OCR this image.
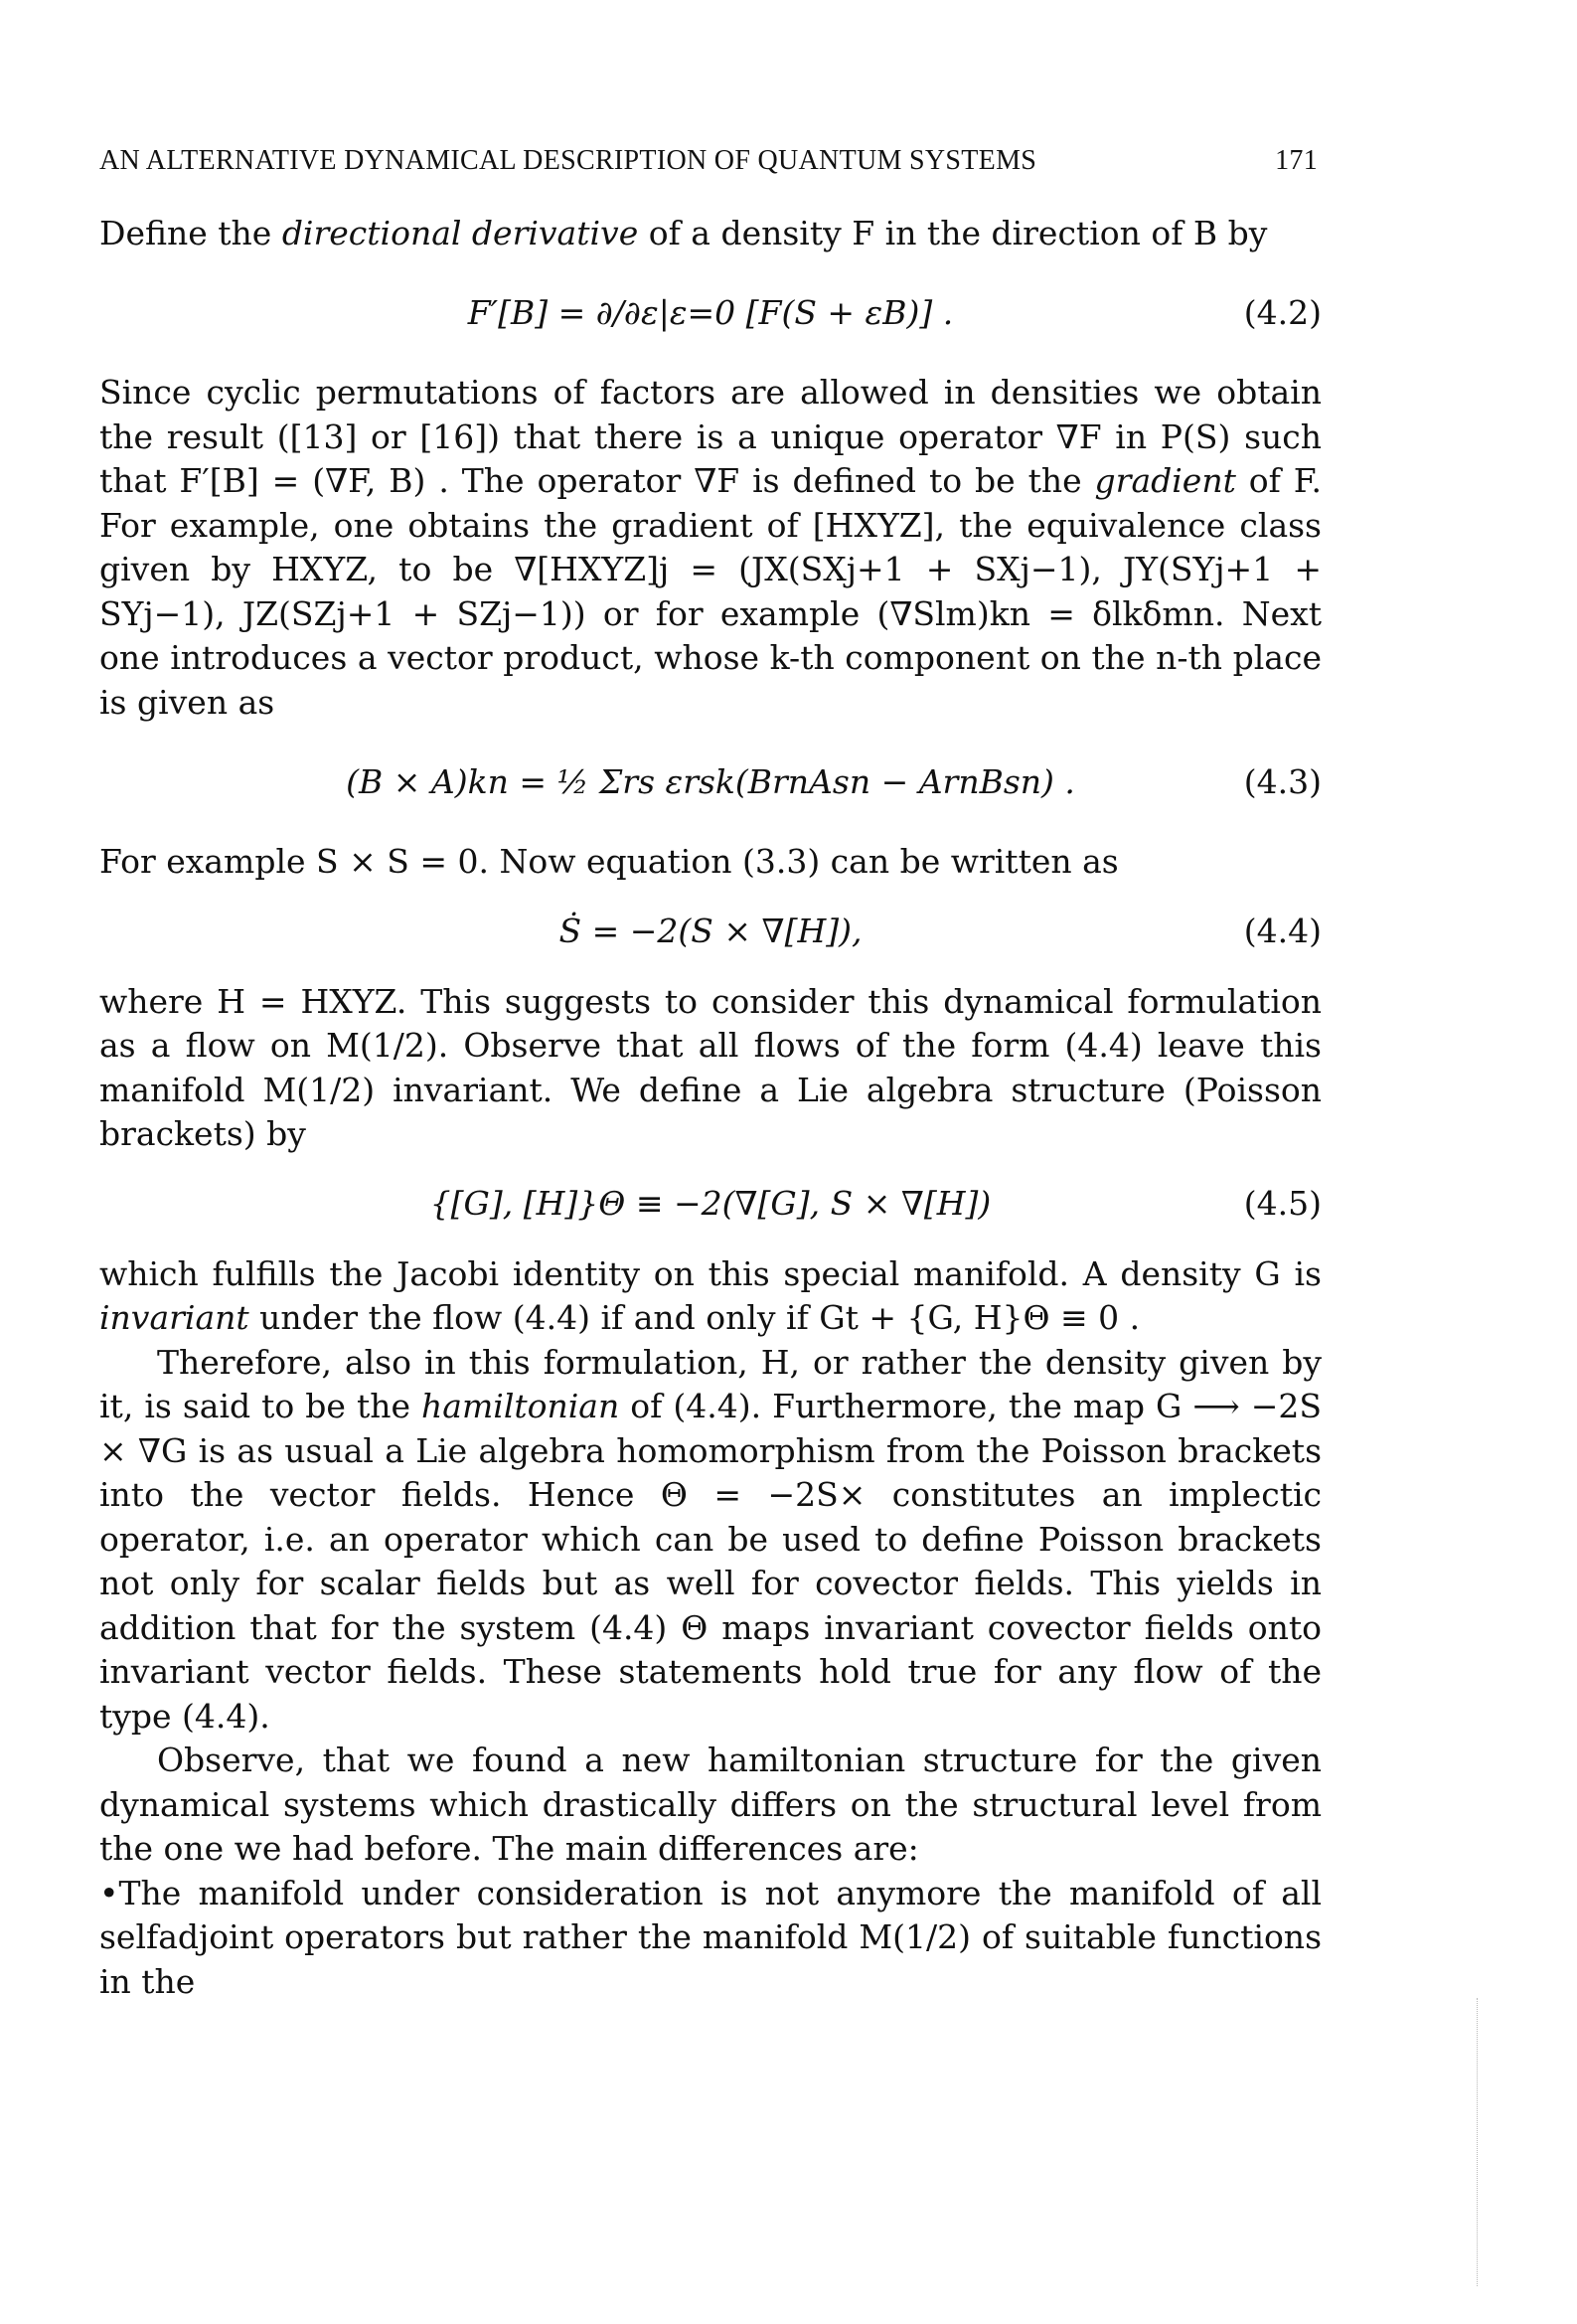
AN ALTERNATIVE DYNAMICAL DESCRIPTION OF QUANTUM SYSTEMS	171

Define the directional derivative of a density F in the direction of B by

F′[B] = ∂/∂ε|ε=0 [F(S + εB)] .	(4.2)

Since cyclic permutations of factors are allowed in densities we obtain the result ([13] or [16]) that there is a unique operator ∇F in P(S) such that F′[B] = (∇F, B) . The operator ∇F is defined to be the gradient of F. For example, one obtains the gradient of [HXYZ], the equivalence class given by HXYZ, to be ∇[HXYZ]j = (JX(SXj+1 + SXj−1), JY(SYj+1 + SYj−1), JZ(SZj+1 + SZj−1)) or for example (∇Slm)kn = δlkδmn. Next one introduces a vector product, whose k-th component on the n-th place is given as

(B × A)kn = ½ Σrs εrsk(BrnAsn − ArnBsn) .	(4.3)

For example S × S = 0. Now equation (3.3) can be written as

Ṡ = −2(S × ∇[H]),	(4.4)

where H = HXYZ. This suggests to consider this dynamical formulation as a flow on M(1/2). Observe that all flows of the form (4.4) leave this manifold M(1/2) invariant. We define a Lie algebra structure (Poisson brackets) by

{[G], [H]}Θ ≡ −2(∇[G], S × ∇[H])	(4.5)

which fulfills the Jacobi identity on this special manifold. A density G is invariant under the flow (4.4) if and only if Gt + {G, H}Θ ≡ 0 .

Therefore, also in this formulation, H, or rather the density given by it, is said to be the hamiltonian of (4.4). Furthermore, the map G ⟶ −2S × ∇G is as usual a Lie algebra homomorphism from the Poisson brackets into the vector fields. Hence Θ = −2S× constitutes an implectic operator, i.e. an operator which can be used to define Poisson brackets not only for scalar fields but as well for covector fields. This yields in addition that for the system (4.4) Θ maps invariant covector fields onto invariant vector fields. These statements hold true for any flow of the type (4.4).

Observe, that we found a new hamiltonian structure for the given dynamical systems which drastically differs on the structural level from the one we had before. The main differences are:

•The manifold under consideration is not anymore the manifold of all selfadjoint operators but rather the manifold M(1/2) of suitable functions in the
